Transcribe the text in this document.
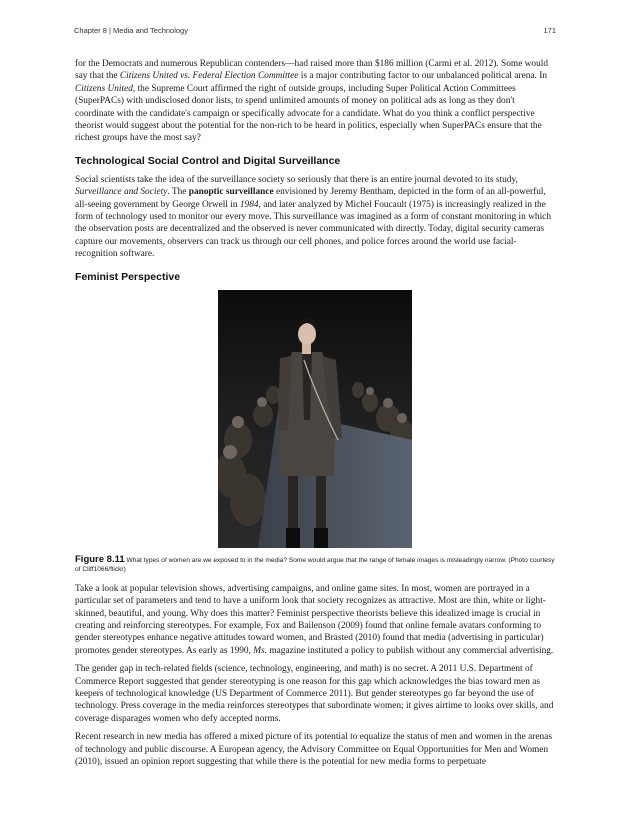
Chapter 8 | Media and Technology	171

for the Democrats and numerous Republican contenders—had raised more than $186 million (Carmi et al. 2012). Some would say that the Citizens United vs. Federal Election Committee is a major contributing factor to our unbalanced political arena. In Citizens United, the Supreme Court affirmed the right of outside groups, including Super Political Action Committees (SuperPACs) with undisclosed donor lists, to spend unlimited amounts of money on political ads as long as they don't coordinate with the candidate's campaign or specifically advocate for a candidate. What do you think a conflict perspective theorist would suggest about the potential for the non-rich to be heard in politics, especially when SuperPACs ensure that the richest groups have the most say?

Technological Social Control and Digital Surveillance

Social scientists take the idea of the surveillance society so seriously that there is an entire journal devoted to its study, Surveillance and Society. The panoptic surveillance envisioned by Jeremy Bentham, depicted in the form of an all-powerful, all-seeing government by George Orwell in 1984, and later analyzed by Michel Foucault (1975) is increasingly realized in the form of technology used to monitor our every move. This surveillance was imagined as a form of constant monitoring in which the observation posts are decentralized and the observed is never communicated with directly. Today, digital security cameras capture our movements, observers can track us through our cell phones, and police forces around the world use facial-recognition software.

Feminist Perspective
Figure 8.11 What types of women are we exposed to in the media? Some would argue that the range of female images is misleadingly narrow. (Photo courtesy of Cliff1066/flickr)

Take a look at popular television shows, advertising campaigns, and online game sites. In most, women are portrayed in a particular set of parameters and tend to have a uniform look that society recognizes as attractive. Most are thin, white or light-skinned, beautiful, and young. Why does this matter? Feminist perspective theorists believe this idealized image is crucial in creating and reinforcing stereotypes. For example, Fox and Bailenson (2009) found that online female avatars conforming to gender stereotypes enhance negative attitudes toward women, and Brasted (2010) found that media (advertising in particular) promotes gender stereotypes. As early as 1990, Ms. magazine instituted a policy to publish without any commercial advertising.

The gender gap in tech-related fields (science, technology, engineering, and math) is no secret. A 2011 U.S. Department of Commerce Report suggested that gender stereotyping is one reason for this gap which acknowledges the bias toward men as keepers of technological knowledge (US Department of Commerce 2011). But gender stereotypes go far beyond the use of technology. Press coverage in the media reinforces stereotypes that subordinate women; it gives airtime to looks over skills, and coverage disparages women who defy accepted norms.

Recent research in new media has offered a mixed picture of its potential to equalize the status of men and women in the arenas of technology and public discourse. A European agency, the Advisory Committee on Equal Opportunities for Men and Women (2010), issued an opinion report suggesting that while there is the potential for new media forms to perpetuate
